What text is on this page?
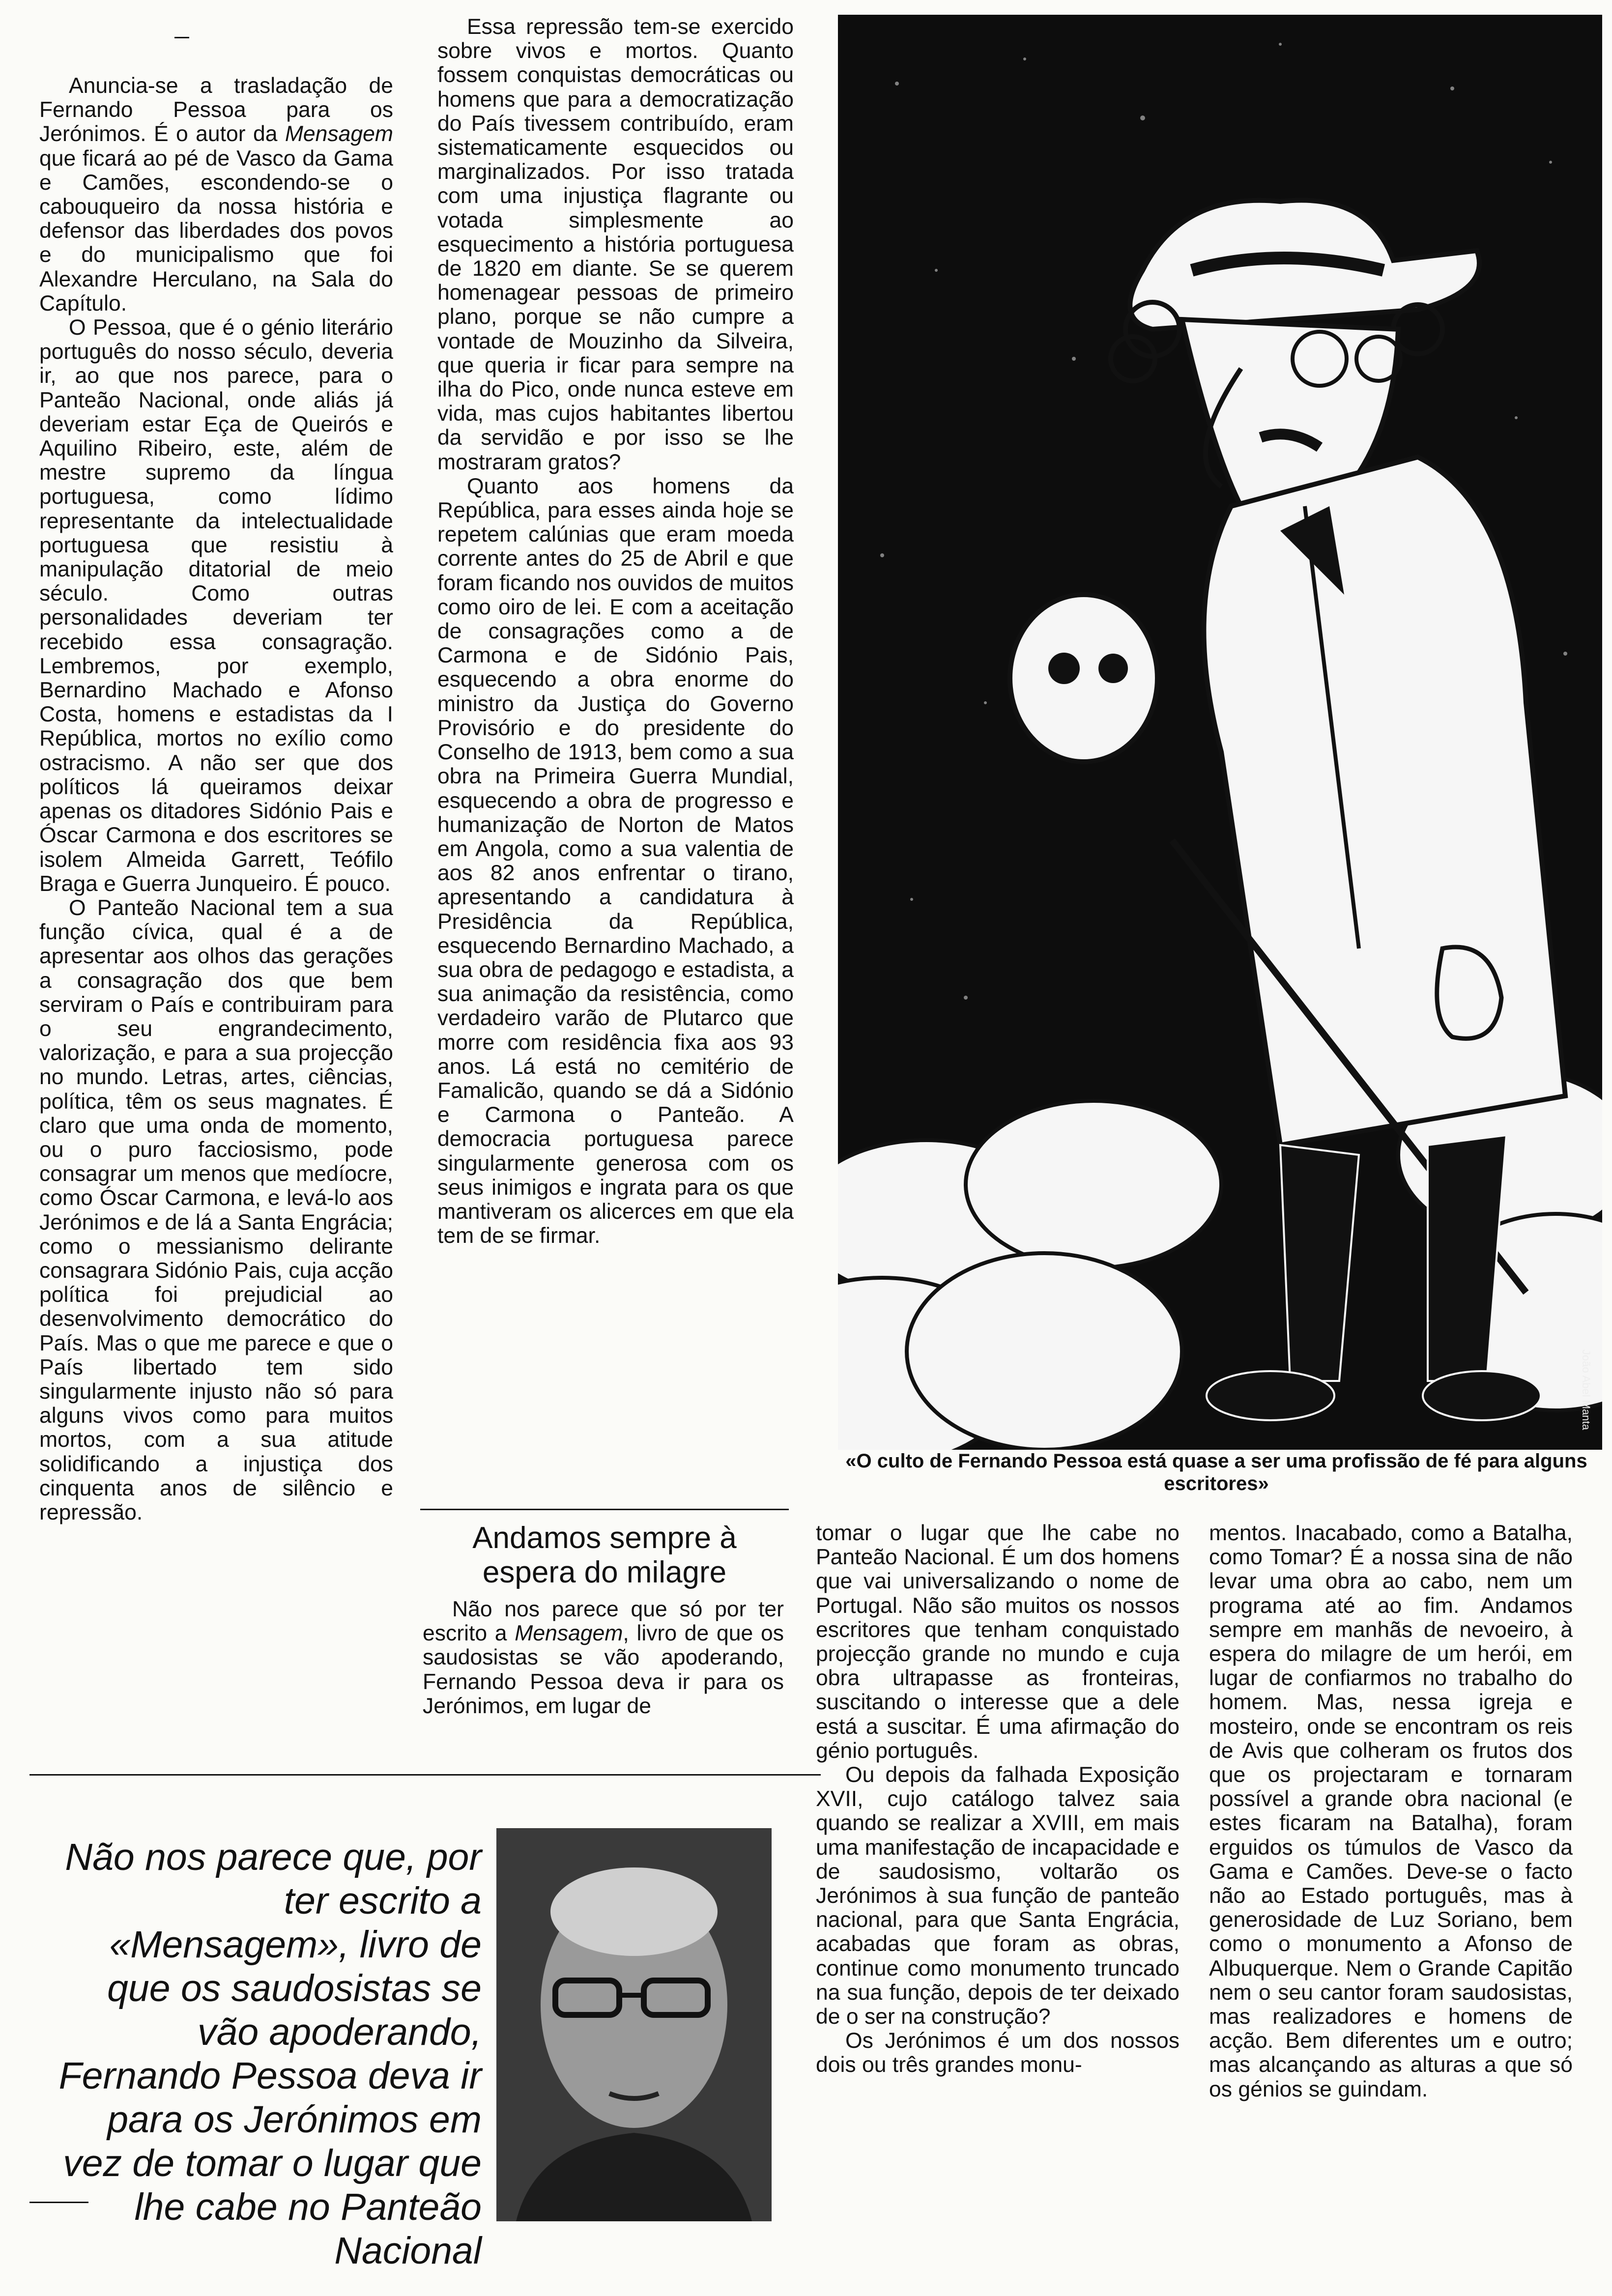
Anuncia-se a trasladação de Fernando Pessoa para os Jerónimos. É o autor da Mensagem que ficará ao pé de Vasco da Gama e Camões, escondendo-se o cabouqueiro da nossa história e defensor das liberdades dos povos e do municipalismo que foi Alexandre Herculano, na Sala do Capítulo.

O Pessoa, que é o génio literário português do nosso século, deveria ir, ao que nos parece, para o Panteão Nacional, onde aliás já deveriam estar Eça de Queirós e Aquilino Ribeiro, este, além de mestre supremo da língua portuguesa, como lídimo representante da intelectualidade portuguesa que resistiu à manipulação ditatorial de meio século. Como outras personalidades deveriam ter recebido essa consagração. Lembremos, por exemplo, Bernardino Machado e Afonso Costa, homens e estadistas da I República, mortos no exílio como ostracismo. A não ser que dos políticos lá queiramos deixar apenas os ditadores Sidónio Pais e Óscar Carmona e dos escritores se isolem Almeida Garrett, Teófilo Braga e Guerra Junqueiro. É pouco.

O Panteão Nacional tem a sua função cívica, qual é a de apresentar aos olhos das gerações a consagração dos que bem serviram o País e contribuiram para o seu engrandecimento, valorização, e para a sua projecção no mundo. Letras, artes, ciências, política, têm os seus magnates. É claro que uma onda de momento, ou o puro facciosismo, pode consagrar um menos que medíocre, como Óscar Carmona, e levá-lo aos Jerónimos e de lá a Santa Engrácia; como o messianismo delirante consagrara Sidónio Pais, cuja acção política foi prejudicial ao desenvolvimento democrático do País. Mas o que me parece e que o País libertado tem sido singularmente injusto não só para alguns vivos como para muitos mortos, com a sua atitude solidificando a injustiça dos cinquenta anos de silêncio e repressão.

Essa repressão tem-se exercido sobre vivos e mortos. Quanto fossem conquistas democráticas ou homens que para a democratização do País tivessem contribuído, eram sistematicamente esquecidos ou marginalizados. Por isso tratada com uma injustiça flagrante ou votada simplesmente ao esquecimento a história portuguesa de 1820 em diante. Se se querem homenagear pessoas de primeiro plano, porque se não cumpre a vontade de Mouzinho da Silveira, que queria ir ficar para sempre na ilha do Pico, onde nunca esteve em vida, mas cujos habitantes libertou da servidão e por isso se lhe mostraram gratos?

Quanto aos homens da República, para esses ainda hoje se repetem calúnias que eram moeda corrente antes do 25 de Abril e que foram ficando nos ouvidos de muitos como oiro de lei. E com a aceitação de consagrações como a de Carmona e de Sidónio Pais, esquecendo a obra enorme do ministro da Justiça do Governo Provisório e do presidente do Conselho de 1913, bem como a sua obra na Primeira Guerra Mundial, esquecendo a obra de progresso e humanização de Norton de Matos em Angola, como a sua valentia de aos 82 anos enfrentar o tirano, apresentando a candidatura à Presidência da República, esquecendo Bernardino Machado, a sua obra de pedagogo e estadista, a sua animação da resistência, como verdadeiro varão de Plutarco que morre com residência fixa aos 93 anos. Lá está no cemitério de Famalicão, quando se dá a Sidónio e Carmona o Panteão. A democracia portuguesa parece singularmente generosa com os seus inimigos e ingrata para os que mantiveram os alicerces em que ela tem de se firmar.

João Abel Manta
«O culto de Fernando Pessoa está quase a ser uma profissão de fé para alguns escritores»
Andamos sempre à espera do milagre

Não nos parece que só por ter escrito a Mensagem, livro de que os saudosistas se vão apoderando, Fernando Pessoa deva ir para os Jerónimos, em lugar de

tomar o lugar que lhe cabe no Panteão Nacional. É um dos homens que vai universalizando o nome de Portugal. Não são muitos os nossos escritores que tenham conquistado projecção grande no mundo e cuja obra ultrapasse as fronteiras, suscitando o interesse que a dele está a suscitar. É uma afirmação do génio português.

Ou depois da falhada Exposição XVII, cujo catálogo talvez saia quando se realizar a XVIII, em mais uma manifestação de incapacidade e de saudosismo, voltarão os Jerónimos à sua função de panteão nacional, para que Santa Engrácia, acabadas que foram as obras, continue como monumento truncado na sua função, depois de ter deixado de o ser na construção?

Os Jerónimos é um dos nossos dois ou três grandes monu-

mentos. Inacabado, como a Batalha, como Tomar? É a nossa sina de não levar uma obra ao cabo, nem um programa até ao fim. Andamos sempre em manhãs de nevoeiro, à espera do milagre de um herói, em lugar de confiarmos no trabalho do homem. Mas, nessa igreja e mosteiro, onde se encontram os reis de Avis que colheram os frutos dos que os projectaram e tornaram possível a grande obra nacional (e estes ficaram na Batalha), foram erguidos os túmulos de Vasco da Gama e Camões. Deve-se o facto não ao Estado português, mas à generosidade de Luz Soriano, bem como o monumento a Afonso de Albuquerque. Nem o Grande Capitão nem o seu cantor foram saudosistas, mas realizadores e homens de acção. Bem diferentes um e outro; mas alcançando as alturas a que só os génios se guindam.

Não nos parece que, por ter escrito a «Mensagem», livro de que os saudosistas se vão apoderando, Fernando Pessoa deva ir para os Jerónimos em vez de tomar o lugar que lhe cabe no Panteão Nacional
